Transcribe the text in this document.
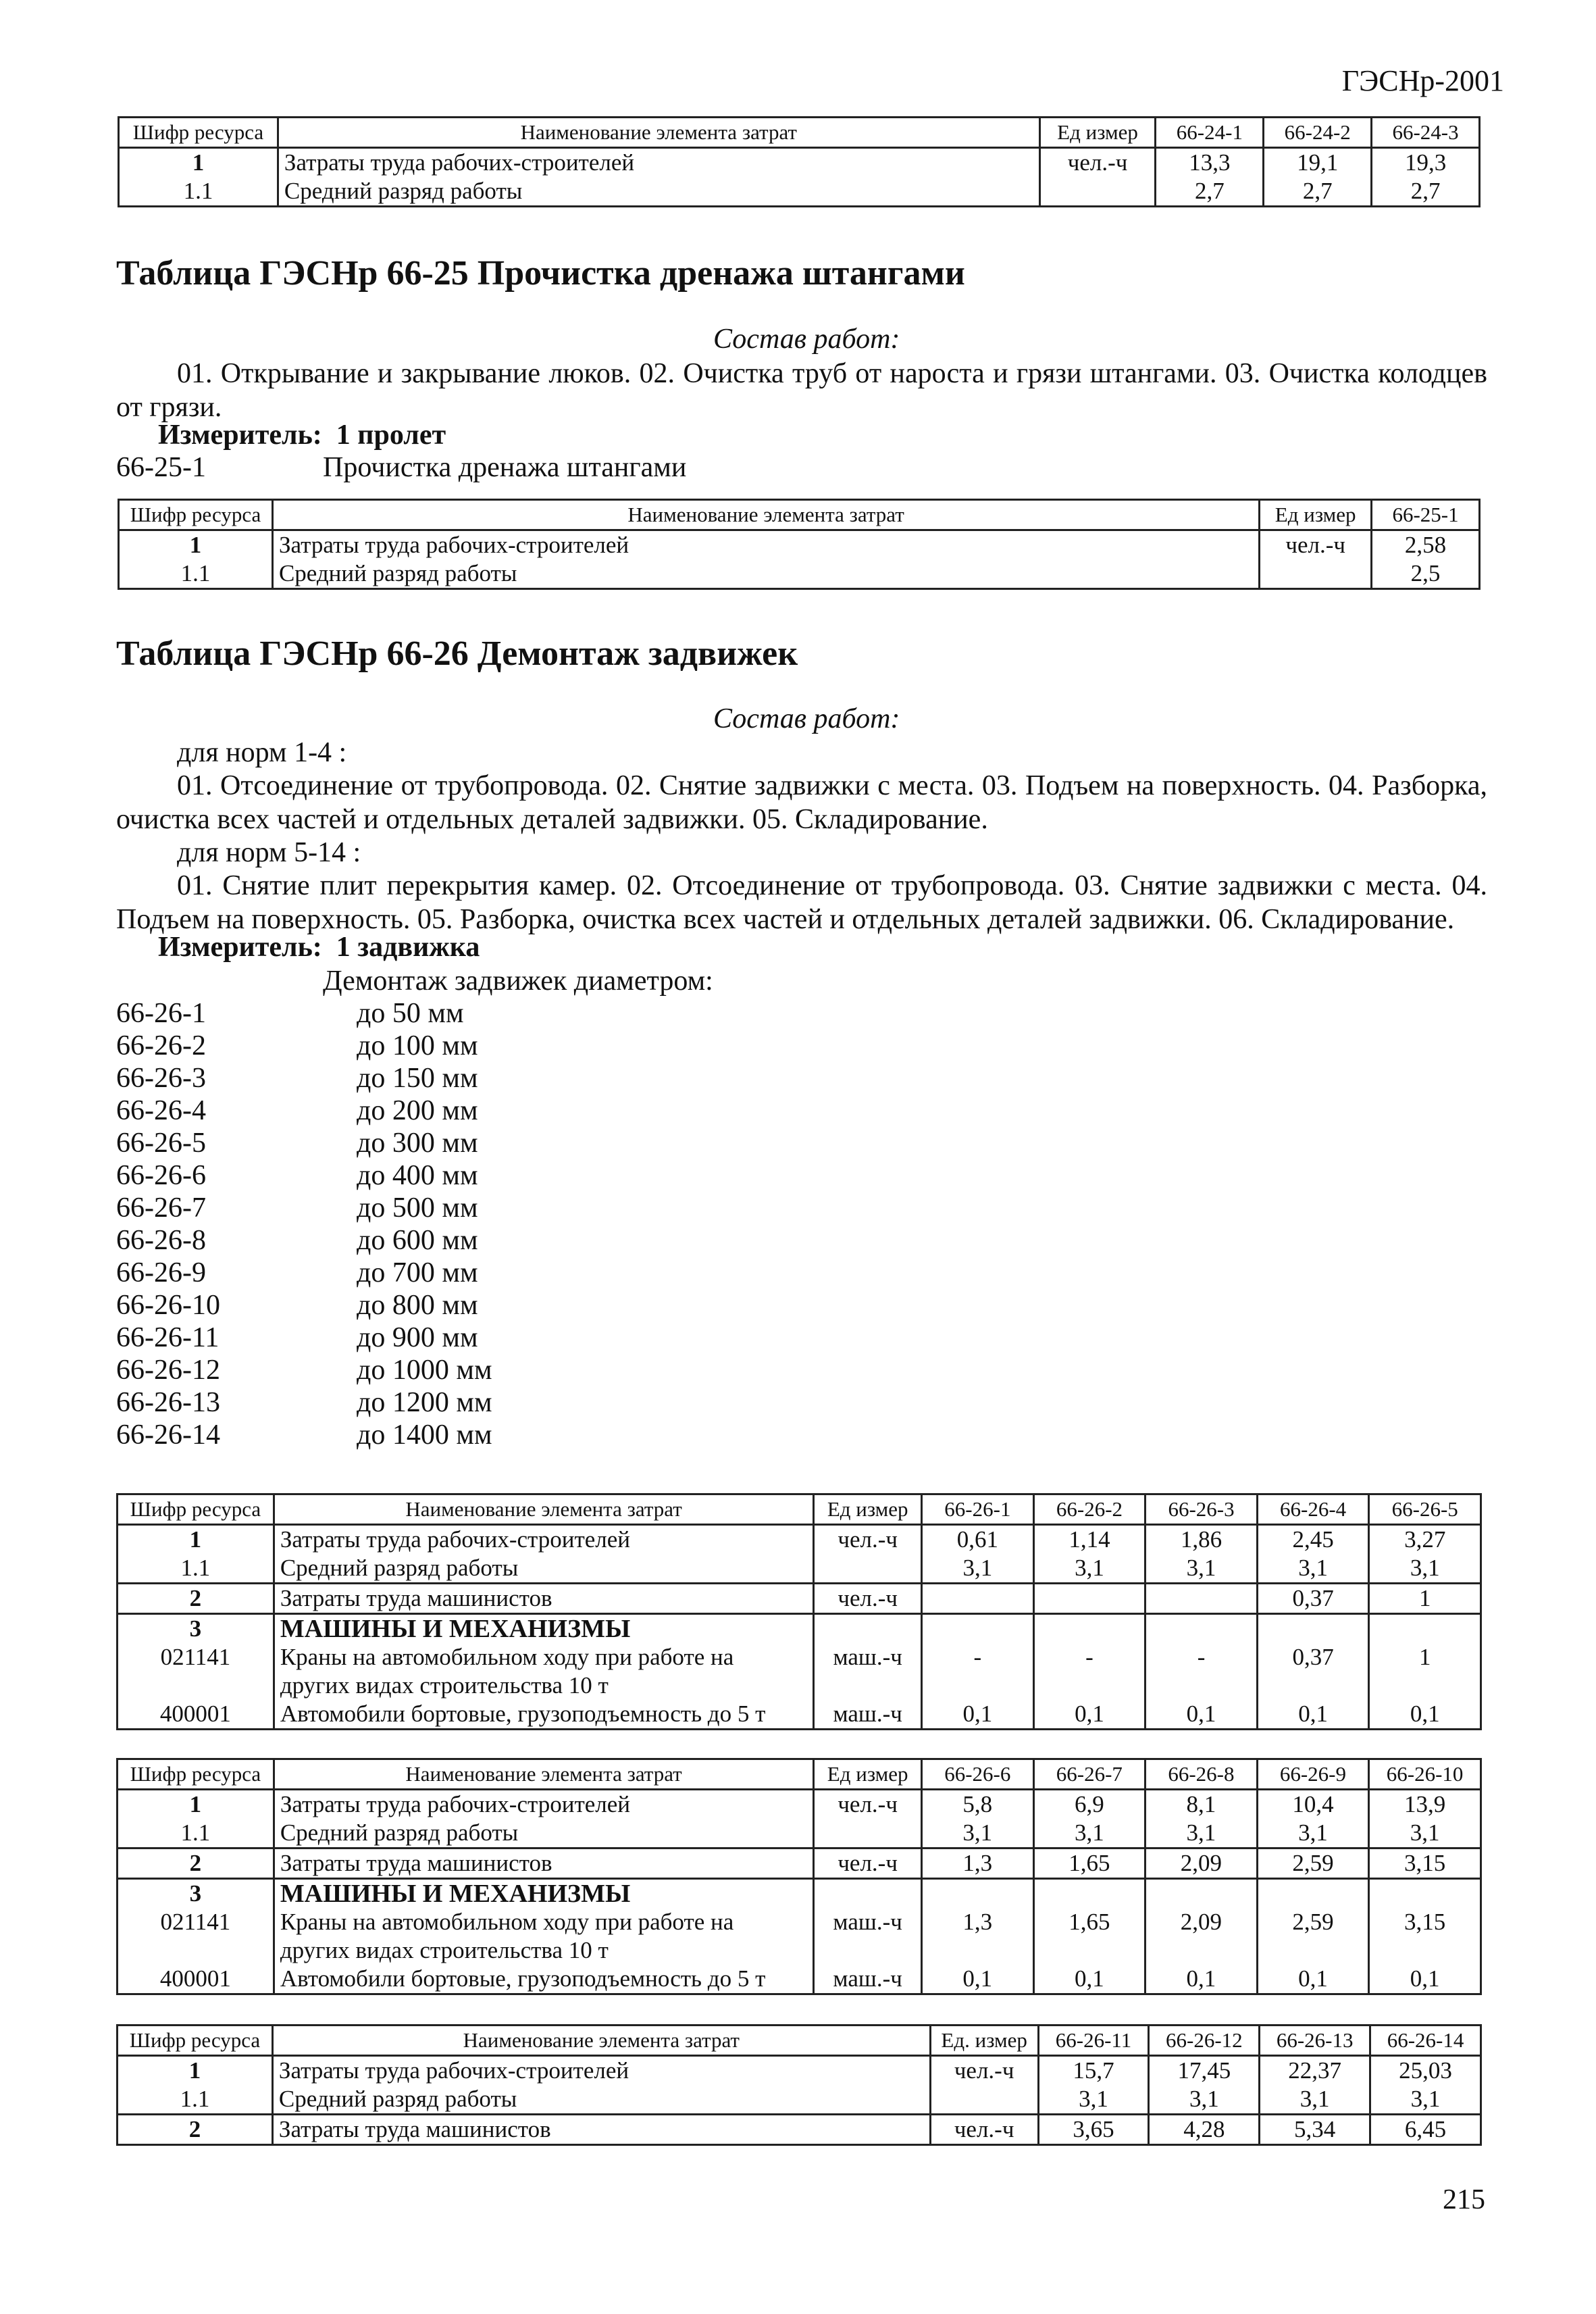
ГЭСНр-2001
Шифр ресурса	Наименование элемента затрат	Ед измер	66-24-1	66-24-2	66-24-3
1	Затраты труда рабочих-строителей	чел.-ч	13,3	19,1	19,3
1.1	Средний разряд работы		2,7	2,7	2,7
Таблица ГЭСНр 66-25 Прочистка дренажа штангами
Состав работ:
01. Открывание и закрывание люков. 02. Очистка труб от нароста и грязи штангами. 03. Очистка колодцев от грязи.
Измеритель: 1 пролет
66-25-1	Прочистка дренажа штангами
Шифр ресурса	Наименование элемента затрат	Ед измер	66-25-1
1	Затраты труда рабочих-строителей	чел.-ч	2,58
1.1	Средний разряд работы		2,5
Таблица ГЭСНр 66-26 Демонтаж задвижек
Состав работ:
для норм 1-4 :
01. Отсоединение от трубопровода. 02. Снятие задвижки с места. 03. Подъем на поверхность. 04. Разборка, очистка всех частей и отдельных деталей задвижки. 05. Складирование.
для норм 5-14 :
01. Снятие плит перекрытия камер. 02. Отсоединение от трубопровода. 03. Снятие задвижки с места. 04. Подъем на поверхность. 05. Разборка, очистка всех частей и отдельных деталей задвижки. 06. Складирование.
Измеритель: 1 задвижка
Демонтаж задвижек диаметром:
66-26-1	до 50 мм
66-26-2	до 100 мм
66-26-3	до 150 мм
66-26-4	до 200 мм
66-26-5	до 300 мм
66-26-6	до 400 мм
66-26-7	до 500 мм
66-26-8	до 600 мм
66-26-9	до 700 мм
66-26-10	до 800 мм
66-26-11	до 900 мм
66-26-12	до 1000 мм
66-26-13	до 1200 мм
66-26-14	до 1400 мм
Шифр ресурса	Наименование элемента затрат	Ед измер	66-26-1	66-26-2	66-26-3	66-26-4	66-26-5
1	Затраты труда рабочих-строителей	чел.-ч	0,61	1,14	1,86	2,45	3,27
1.1	Средний разряд работы		3,1	3,1	3,1	3,1	3,1
2	Затраты труда машинистов	чел.-ч				0,37	1
3	МАШИНЫ И МЕХАНИЗМЫ						
021141	Краны на автомобильном ходу при работе на других видах строительства 10 т	маш.-ч	-	-	-	0,37	1
400001	Автомобили бортовые, грузоподъемность до 5 т	маш.-ч	0,1	0,1	0,1	0,1	0,1
Шифр ресурса	Наименование элемента затрат	Ед измер	66-26-6	66-26-7	66-26-8	66-26-9	66-26-10
1	Затраты труда рабочих-строителей	чел.-ч	5,8	6,9	8,1	10,4	13,9
1.1	Средний разряд работы		3,1	3,1	3,1	3,1	3,1
2	Затраты труда машинистов	чел.-ч	1,3	1,65	2,09	2,59	3,15
3	МАШИНЫ И МЕХАНИЗМЫ						
021141	Краны на автомобильном ходу при работе на других видах строительства 10 т	маш.-ч	1,3	1,65	2,09	2,59	3,15
400001	Автомобили бортовые, грузоподъемность до 5 т	маш.-ч	0,1	0,1	0,1	0,1	0,1
Шифр ресурса	Наименование элемента затрат	Ед. измер	66-26-11	66-26-12	66-26-13	66-26-14
1	Затраты труда рабочих-строителей	чел.-ч	15,7	17,45	22,37	25,03
1.1	Средний разряд работы		3,1	3,1	3,1	3,1
2	Затраты труда машинистов	чел.-ч	3,65	4,28	5,34	6,45
215
